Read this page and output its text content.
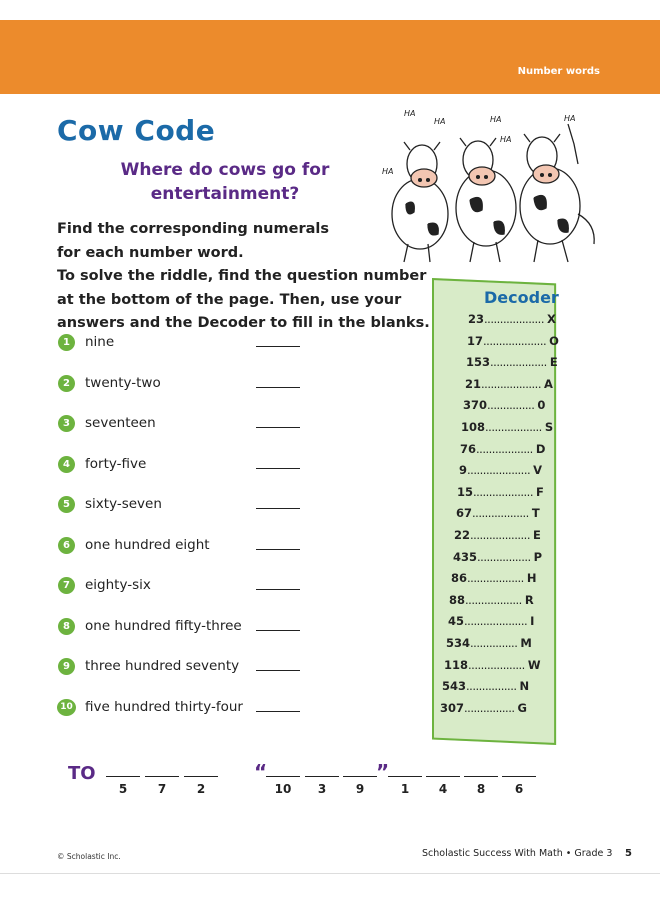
Number words
Cow Code
Where do cows go for
entertainment?
Find the corresponding numerals
for each number word.
To solve the riddle, find the question number
at the bottom of the page. Then, use your
answers and the Decoder to fill in the blanks.
HA
HA	HA
HA
HA
HA
1	nine
2	twenty-two
3	seventeen
4	forty-five
5	sixty-seven
6	one hundred eight
7	eighty-six
8	one hundred fifty-three
9	three hundred seventy
10 five hundred thirty-four
Decoder
23................... X
17.................... O
153.................. E
21................... A
370............... 0
108.................. S
76.................. D
9.................... V
15................... F
67.................. T
22................... E
435................. P
86.................. H
88.................. R
45.................... I
534............... M
118.................. W
543................ N
307................ G
TO
5	7	2
“
10	3	9
”
1	4	8	6
© Scholastic Inc.	Scholastic Success With Math • Grade 3 5
